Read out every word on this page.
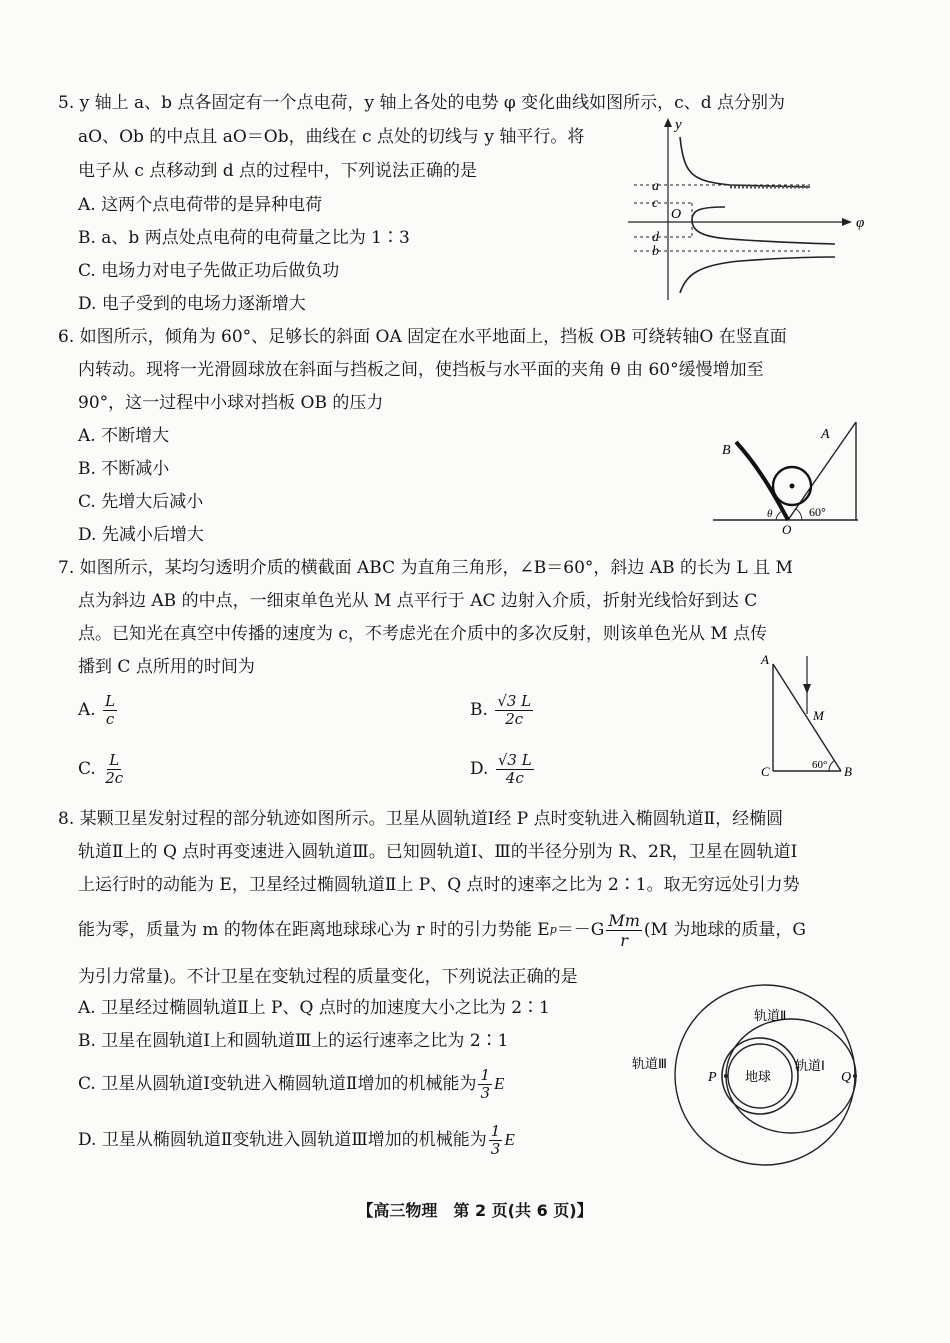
5. y 轴上 a、b 点各固定有一个点电荷，y 轴上各处的电势 φ 变化曲线如图所示，c、d 点分别为
aO、Ob 的中点且 aO＝Ob，曲线在 c 点处的切线与 y 轴平行。将
电子从 c 点移动到 d 点的过程中，下列说法正确的是
A. 这两个点电荷带的是异种电荷
B. a、b 两点处点电荷的电荷量之比为 1∶3
C. 电场力对电子先做正功后做负功
D. 电子受到的电场力逐渐增大
y
a
c
O
d
b
φ
6. 如图所示，倾角为 60°、足够长的斜面 OA 固定在水平地面上，挡板 OB 可绕转轴O 在竖直面
内转动。现将一光滑圆球放在斜面与挡板之间，使挡板与水平面的夹角 θ 由 60°缓慢增加至
90°，这一过程中小球对挡板 OB 的压力
A. 不断增大
B. 不断减小
C. 先增大后减小
D. 先减小后增大
B
A
θ
O
60°
7. 如图所示，某均匀透明介质的横截面 ABC 为直角三角形，∠B＝60°，斜边 AB 的长为 L 且 M
点为斜边 AB 的中点，一细束单色光从 M 点平行于 AC 边射入介质，折射光线恰好到达 C
点。已知光在真空中传播的速度为 c，不考虑光在介质中的多次反射，则该单色光从 M 点传
播到 C 点所用的时间为
A. $\frac{L}{c}$	B. $\frac{√3 L}{2c}$
C. $\frac{L}{2c}$	D. $\frac{√3 L}{4c}$
A
M
C	B
60°
8. 某颗卫星发射过程的部分轨迹如图所示。卫星从圆轨道Ⅰ经 P 点时变轨进入椭圆轨道Ⅱ，经椭圆
轨道Ⅱ上的 Q 点时再变速进入圆轨道Ⅲ。已知圆轨道Ⅰ、Ⅲ的半径分别为 R、2R，卫星在圆轨道Ⅰ
上运行时的动能为 E，卫星经过椭圆轨道Ⅱ上 P、Q 点时的速率之比为 2∶1。取无穷远处引力势
能为零，质量为 m 的物体在距离地球球心为 r 时的引力势能 E $p =-G \frac{Mm}{r} (M$ 为地球的质量，G
为引力常量)。不计卫星在变轨过程的质量变化，下列说法正确的是
A. 卫星经过椭圆轨道Ⅱ上 P、Q 点时的加速度大小之比为 2∶1
B. 卫星在圆轨道Ⅰ上和圆轨道Ⅲ上的运行速率之比为 2∶1
C. 卫星从圆轨道Ⅰ变轨进入椭圆轨道Ⅱ增加的机械能为 $\frac{1}{3}$ E
D. 卫星从椭圆轨道Ⅱ变轨进入圆轨道Ⅲ增加的机械能为 $\frac{1}{3}$ E
轨道Ⅱ
轨道Ⅲ	轨道Ⅰ
P	Q
地球
【高三物理　第 2 页(共 6 页)】
